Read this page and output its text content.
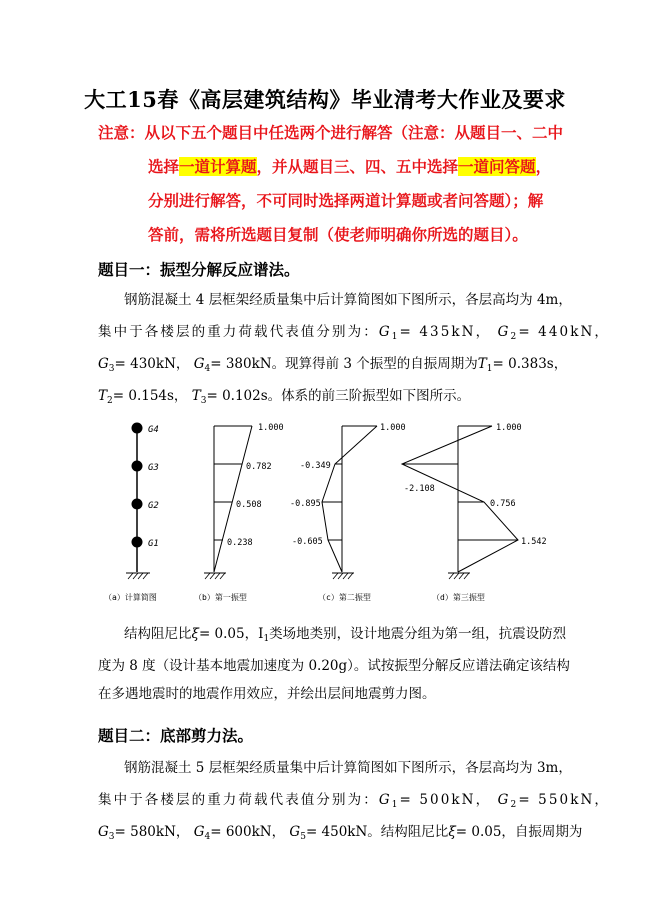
大工15春《高层建筑结构》毕业清考大作业及要求
注意：从以下五个题目中任选两个进行解答（注意：从题目一、二中
选择一道计算题，并从题目三、四、五中选择一道问答题，
分别进行解答，不可同时选择两道计算题或者问答题）；解
答前，需将所选题目复制（使老师明确你所选的题目）。
题目一：振型分解反应谱法。
钢筋混凝土 4 层框架经质量集中后计算简图如下图所示，各层高均为 4m，
集中于各楼层的重力荷载代表值分别为：$G_1= 435kN$， $G_2= 440kN$，
$G_3= 430kN$， $G_4= 380kN$。现算得前 3 个振型的自振周期为$T_1= 0.383s$，
$T_2= 0.154s$， $T_3= 0.102s$。体系的前三阶振型如下图所示。
G4
G3
G2
G1
1.000
0.782
0.508
0.238
1.000
-0.349
-0.895
-0.605
1.000
-2.108
0.756
1.542
（a）计算简图	（b）第一振型	（c）第二振型	（d）第三振型
结构阻尼比ξ= 0.05，$Ⅰ_1$类场地类别，设计地震分组为第一组，抗震设防烈
度为 8 度（设计基本地震加速度为 0.20g）。试按振型分解反应谱法确定该结构
在多遇地震时的地震作用效应，并绘出层间地震剪力图。
题目二：底部剪力法。
钢筋混凝土 5 层框架经质量集中后计算简图如下图所示，各层高均为 3m，
集中于各楼层的重力荷载代表值分别为：$G_1= 500kN$， $G_2= 550kN$，
$G_3= 580kN$， $G_4= 600kN$， $G_5= 450kN$。结构阻尼比ξ= 0.05，自振周期为
